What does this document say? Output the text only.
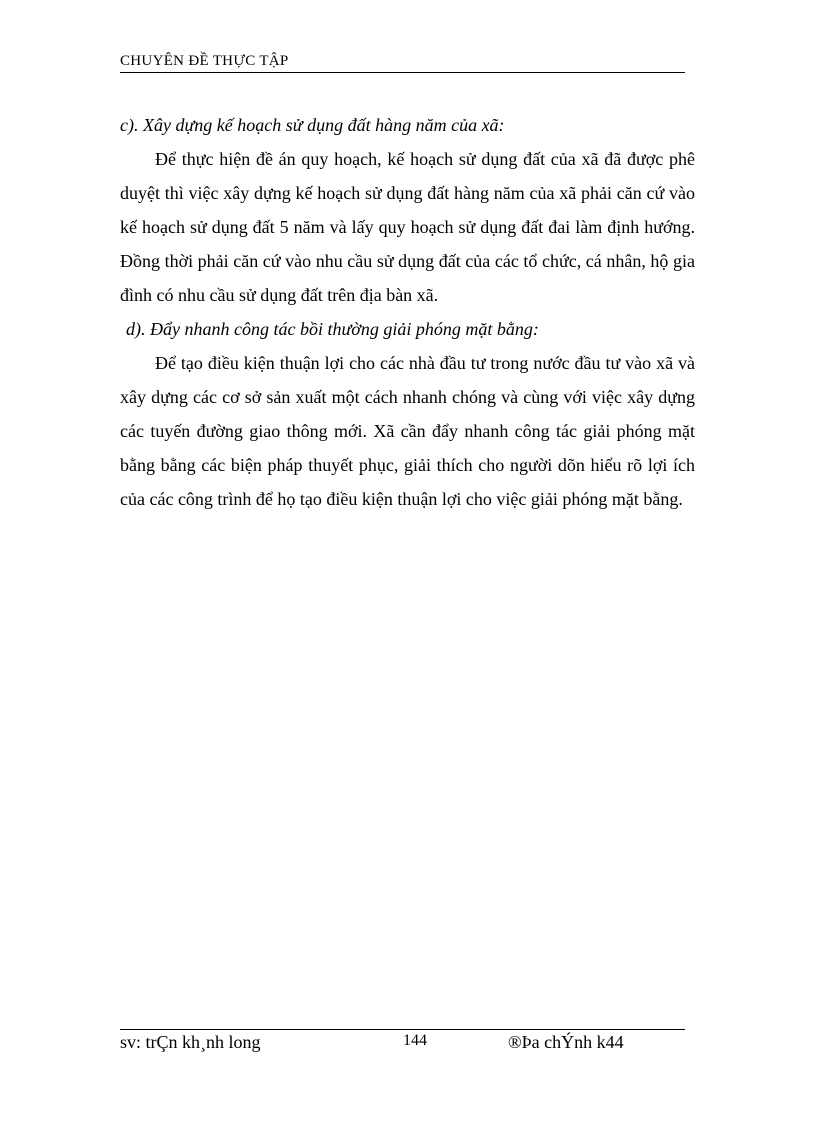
CHUYÊN ĐỀ THỰC TẬP
c). Xây dựng kế hoạch sử dụng đất hàng năm của xã:

Để thực hiện đề án quy hoạch, kế hoạch sử dụng đất của xã đã được phê duyệt thì việc xây dựng kế hoạch sử dụng đất hàng năm của xã phải căn cứ vào kế hoạch sử dụng đất 5 năm và lấy quy hoạch sử dụng đất đai làm định hướng. Đồng thời phải căn cứ vào nhu cầu sử dụng đất của các tổ chức, cá nhân, hộ gia đình có nhu cầu sử dụng đất trên địa bàn xã.

d). Đẩy nhanh công tác bồi thường giải phóng mặt bằng:

Để tạo điều kiện thuận lợi cho các nhà đầu tư trong nước đầu tư vào xã và xây dựng các cơ sở sản xuất một cách nhanh chóng và cùng với việc xây dựng các tuyến đường giao thông mới. Xã cần đẩy nhanh công tác giải phóng mặt bằng bằng các biện pháp thuyết phục, giải thích cho người dõn hiểu rõ lợi ích của các công trình để họ tạo điều kiện thuận lợi cho việc giải phóng mặt bằng.

sv: trÇn kh¸nh long	144	®Þa chÝnh k44
